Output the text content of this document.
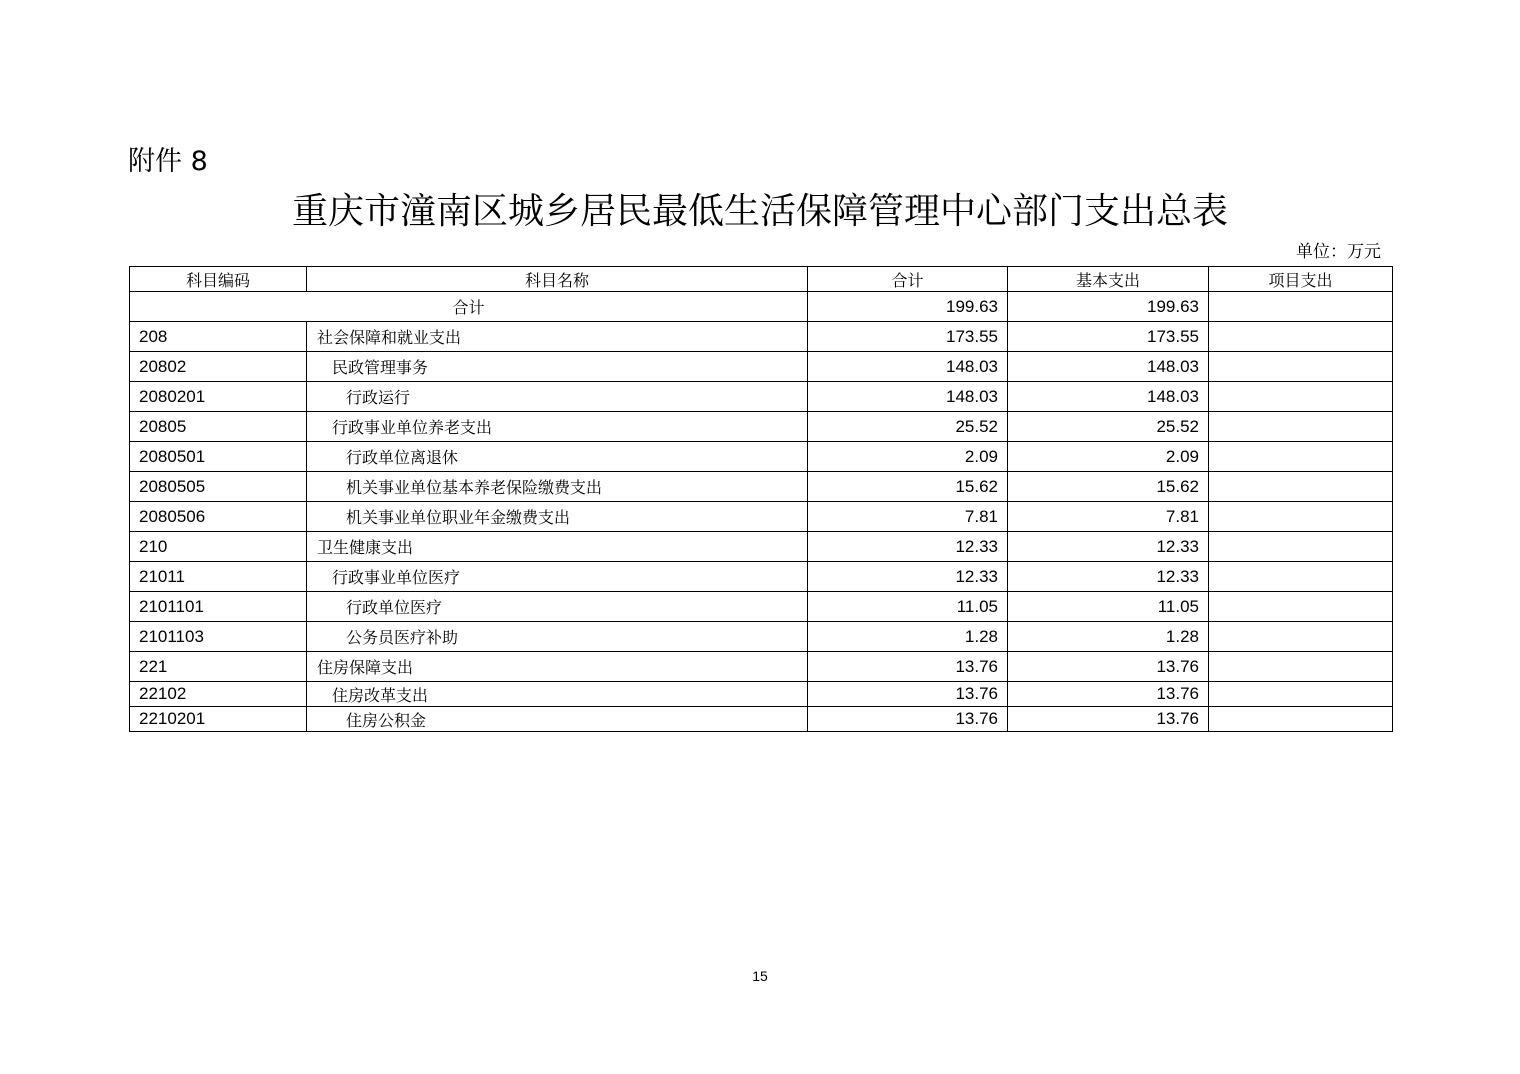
附件 8
重庆市潼南区城乡居民最低生活保障管理中心部门支出总表
单位：万元
科目编码	科目名称	合计	基本支出	项目支出
合计		199.63	199.63	
208	社会保障和就业支出	173.55	173.55	
20802	民政管理事务	148.03	148.03	
2080201	行政运行	148.03	148.03	
20805	行政事业单位养老支出	25.52	25.52	
2080501	行政单位离退休	2.09	2.09	
2080505	机关事业单位基本养老保险缴费支出	15.62	15.62	
2080506	机关事业单位职业年金缴费支出	7.81	7.81	
210	卫生健康支出	12.33	12.33	
21011	行政事业单位医疗	12.33	12.33	
2101101	行政单位医疗	11.05	11.05	
2101103	公务员医疗补助	1.28	1.28	
221	住房保障支出	13.76	13.76	
22102	住房改革支出	13.76	13.76	
2210201	住房公积金	13.76	13.76	
15
